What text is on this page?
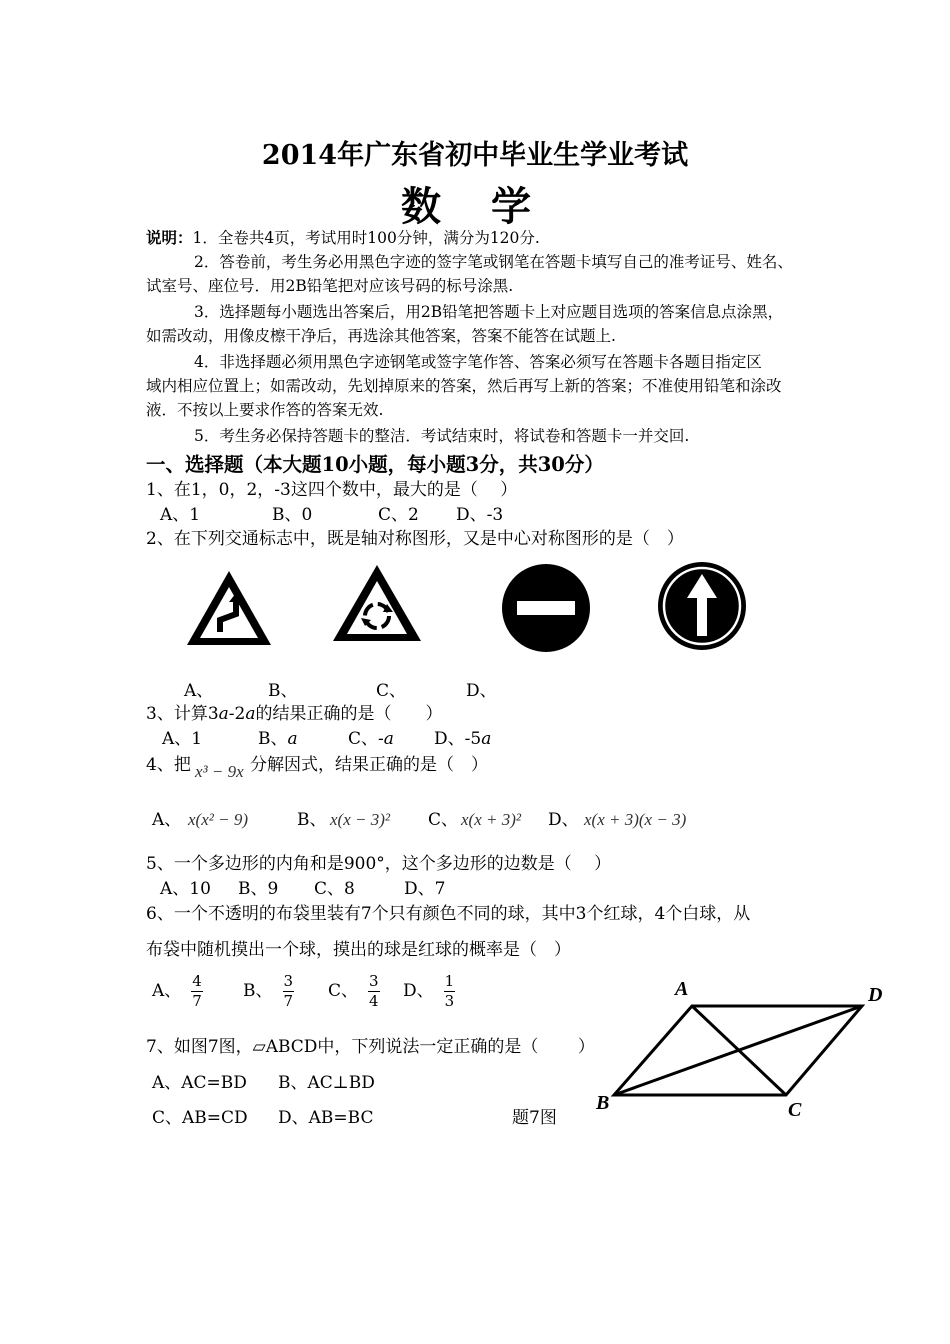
2014年广东省初中毕业生学业考试
数 学
说明：1．全卷共4页，考试用时100分钟，满分为120分.
2．答卷前，考生务必用黑色字迹的签字笔或钢笔在答题卡填写自己的准考证号、姓名、
试室号、座位号．用2B铅笔把对应该号码的标号涂黑.
3．选择题每小题选出答案后，用2B铅笔把答题卡上对应题目选项的答案信息点涂黑，
如需改动，用像皮檫干净后，再选涂其他答案，答案不能答在试题上.
4．非选择题必须用黑色字迹钢笔或签字笔作答、答案必须写在答题卡各题目指定区
域内相应位置上；如需改动，先划掉原来的答案，然后再写上新的答案；不准使用铅笔和涂改
液．不按以上要求作答的答案无效.
5．考生务必保持答题卡的整洁．考试结束时，将试卷和答题卡一并交回.
一、选择题（本大题10小题，每小题3分，共30分）
1、在1，0，2，-3这四个数中，最大的是（　 ）
A、1	B、0	C、2 D、-3
2、在下列交通标志中，既是轴对称图形，又是中心对称图形的是（　）
A、	B、	C、	D、
3、计算3a-2a的结果正确的是（　　）
A、1	B、a	C、-a D、-5a
4、把 x³ − 9x 分解因式，结果正确的是（　）
A、 x(x² − 9)	B、 x(x − 3)² C、 x(x + 3)² D、 x(x + 3)(x − 3)
5、一个多边形的内角和是900°，这个多边形的边数是（　 ）
A、10 B、9 C、8	D、7
6、一个不透明的布袋里装有7个只有颜色不同的球，其中3个红球，4个白球，从
布袋中随机摸出一个球，摸出的球是红球的概率是（　）
A、 $\frac{4}{7}$ B、 $\frac{3}{7}$ C、 $\frac{3}{4}$ D、 $\frac{1}{3}$
7、如图7图，▱ABCD中，下列说法一定正确的是（　　 ）
A、AC=BD B、AC⊥BD
C、AB=CD D、AB=BC	题7图
A	D
B	C
